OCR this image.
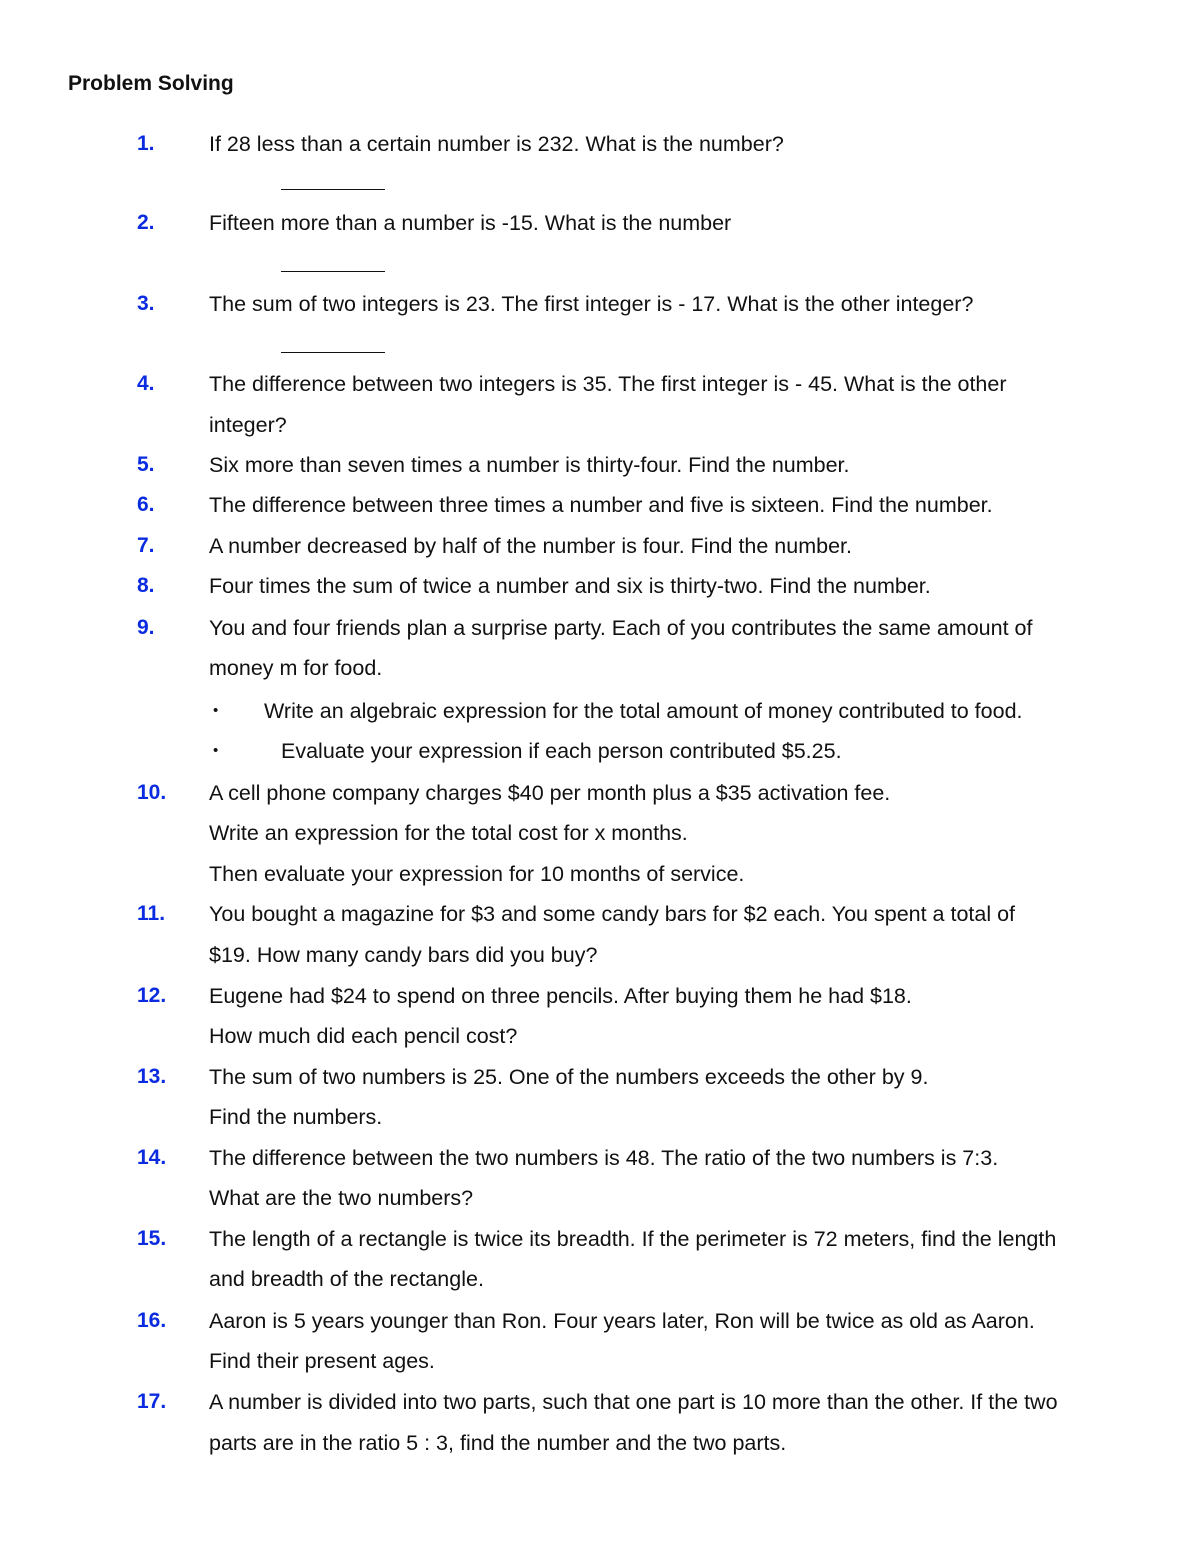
Problem Solving
1.	If 28 less than a certain number is 232. What is the number?
2.	Fifteen more than a number is -15. What is the number
3.	The sum of two integers is 23. The first integer is - 17. What is the other integer?
4.	The difference between two integers is 35. The first integer is - 45. What is the other
integer?
5.	Six more than seven times a number is thirty-four. Find the number.
6.	The difference between three times a number and five is sixteen. Find the number.
7.	A number decreased by half of the number is four. Find the number.
8.	Four times the sum of twice a number and six is thirty-two. Find the number.
9.	You and four friends plan a surprise party. Each of you contributes the same amount of
money m for food.
• Write an algebraic expression for the total amount of money contributed to food.
•	Evaluate your expression if each person contributed $5.25.
10. A cell phone company charges $40 per month plus a $35 activation fee.
Write an expression for the total cost for x months.
Then evaluate your expression for 10 months of service.
11. You bought a magazine for $3 and some candy bars for $2 each. You spent a total of
$19. How many candy bars did you buy?
12. Eugene had $24 to spend on three pencils. After buying them he had $18.
How much did each pencil cost?
13. The sum of two numbers is 25. One of the numbers exceeds the other by 9.
Find the numbers.
14. The difference between the two numbers is 48. The ratio of the two numbers is 7:3.
What are the two numbers?
15. The length of a rectangle is twice its breadth. If the perimeter is 72 meters, find the length
and breadth of the rectangle.
16. Aaron is 5 years younger than Ron. Four years later, Ron will be twice as old as Aaron.
Find their present ages.
17. A number is divided into two parts, such that one part is 10 more than the other. If the two
parts are in the ratio 5 : 3, find the number and the two parts.
